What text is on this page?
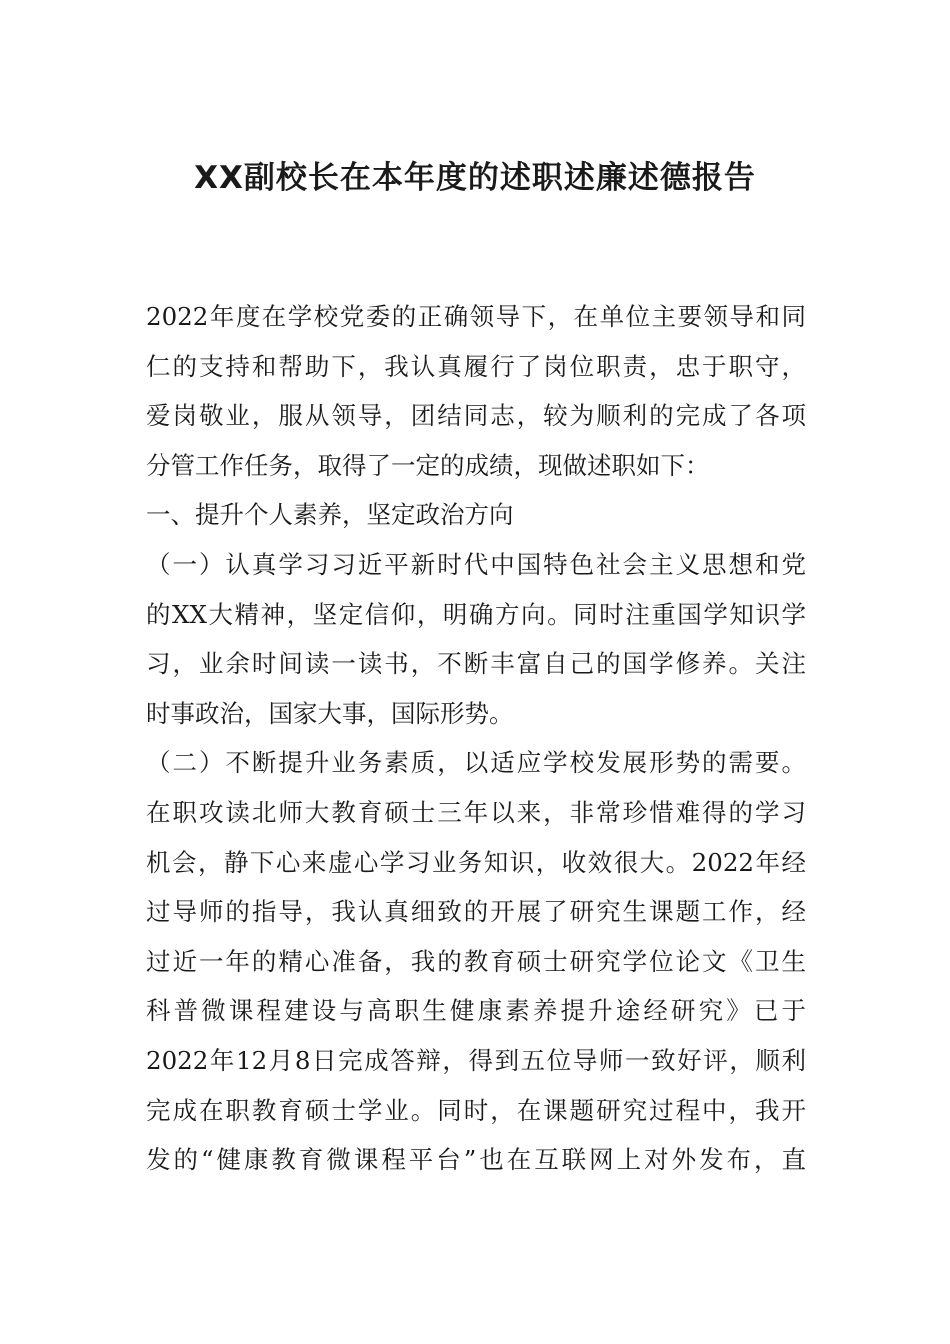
XX副校长在本年度的述职述廉述德报告
2022年度在学校党委的正确领导下，在单位主要领导和同
仁的支持和帮助下，我认真履行了岗位职责，忠于职守，
爱岗敬业，服从领导，团结同志，较为顺利的完成了各项
分管工作任务，取得了一定的成绩，现做述职如下：
一、提升个人素养，坚定政治方向
（一）认真学习习近平新时代中国特色社会主义思想和党
的XX大精神，坚定信仰，明确方向。同时注重国学知识学
习，业余时间读一读书，不断丰富自己的国学修养。关注
时事政治，国家大事，国际形势。
（二）不断提升业务素质，以适应学校发展形势的需要。
在职攻读北师大教育硕士三年以来，非常珍惜难得的学习
机会，静下心来虚心学习业务知识，收效很大。2022年经
过导师的指导，我认真细致的开展了研究生课题工作，经
过近一年的精心准备，我的教育硕士研究学位论文《卫生
科普微课程建设与高职生健康素养提升途经研究》已于
2022年12月8日完成答辩，得到五位导师一致好评，顺利
完成在职教育硕士学业。同时，在课题研究过程中，我开
发的“健康教育微课程平台”也在互联网上对外发布，直
